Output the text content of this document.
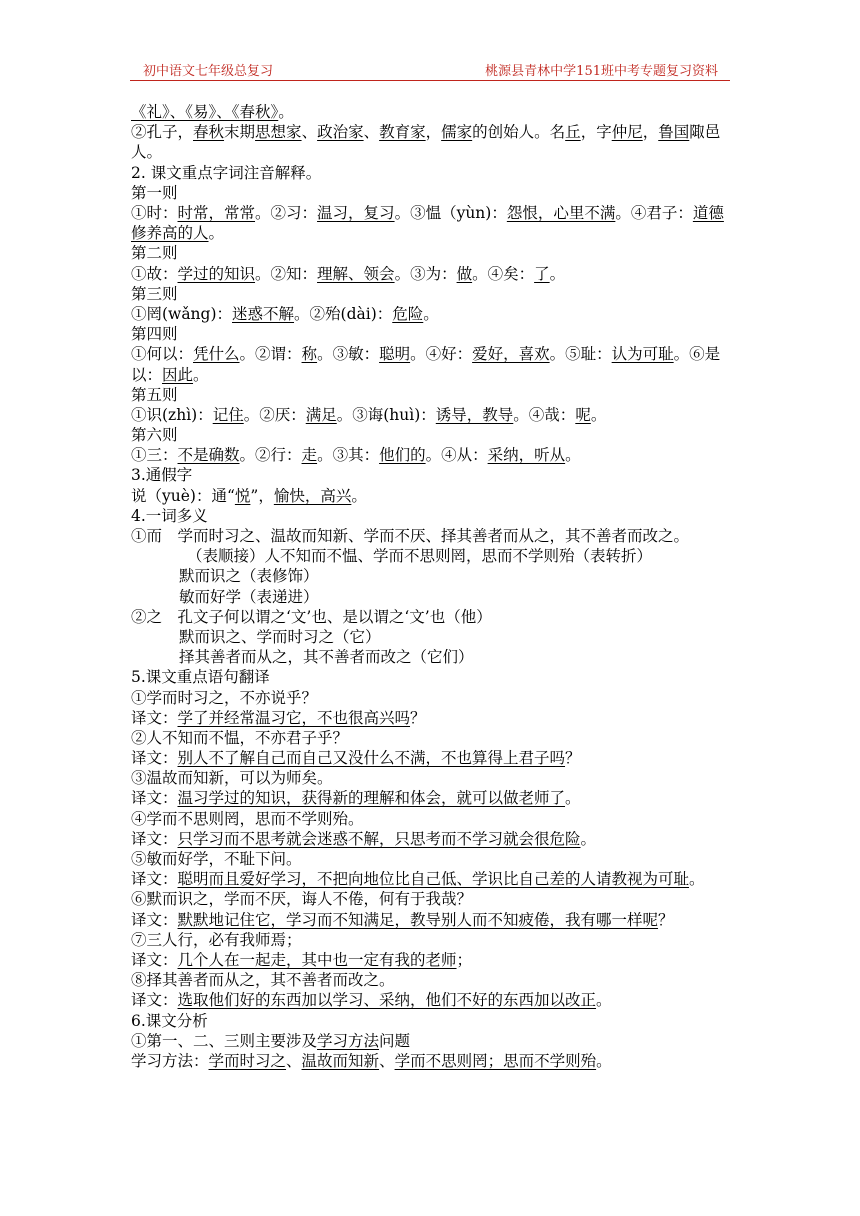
初中语文七年级总复习	桃源县青林中学151班中考专题复习资料
《礼》、《易》、《春秋》。
②孔子，春秋末期思想家、政治家、教育家，儒家的创始人。名丘，字仲尼，鲁国陬邑人。
2. 课文重点字词注音解释。
第一则
①时：时常，常常。②习：温习，复习。③愠（yùn)：怨恨，心里不满。④君子：道德修养高的人。
第二则
①故：学过的知识。②知：理解、领会。③为：做。④矣：了。
第三则
①罔(wǎng)：迷惑不解。②殆(dài)：危险。
第四则
①何以：凭什么。②谓：称。③敏：聪明。④好：爱好，喜欢。⑤耻：认为可耻。⑥是以：因此。
第五则
①识(zhì)：记住。②厌：满足。③诲(huì)：诱导，教导。④哉：呢。
第六则
①三：不是确数。②行：走。③其：他们的。④从：采纳，听从。
3.通假字
说（yuè)：通“悦”，愉快，高兴。
4.一词多义
①而　学而时习之、温故而知新、学而不厌、择其善者而从之，其不善者而改之。
（表顺接）人不知而不愠、学而不思则罔，思而不学则殆（表转折）
默而识之（表修饰）
敏而好学（表递进）
②之　孔文子何以谓之‘文’也、是以谓之‘文’也（他）
默而识之、学而时习之（它）
择其善者而从之，其不善者而改之（它们）
5.课文重点语句翻译
①学而时习之，不亦说乎？
译文：学了并经常温习它，不也很高兴吗？
②人不知而不愠，不亦君子乎？
译文：别人不了解自己而自己又没什么不满，不也算得上君子吗？
③温故而知新，可以为师矣。
译文：温习学过的知识，获得新的理解和体会，就可以做老师了。
④学而不思则罔，思而不学则殆。
译文：只学习而不思考就会迷惑不解，只思考而不学习就会很危险。
⑤敏而好学，不耻下问。
译文：聪明而且爱好学习，不把向地位比自己低、学识比自己差的人请教视为可耻。
⑥默而识之，学而不厌，诲人不倦，何有于我哉？
译文：默默地记住它，学习而不知满足，教导别人而不知疲倦，我有哪一样呢？
⑦三人行，必有我师焉；
译文：几个人在一起走，其中也一定有我的老师；
⑧择其善者而从之，其不善者而改之。
译文：选取他们好的东西加以学习、采纳，他们不好的东西加以改正。
6.课文分析
①第一、二、三则主要涉及学习方法问题
学习方法：学而时习之、温故而知新、学而不思则罔；思而不学则殆。
